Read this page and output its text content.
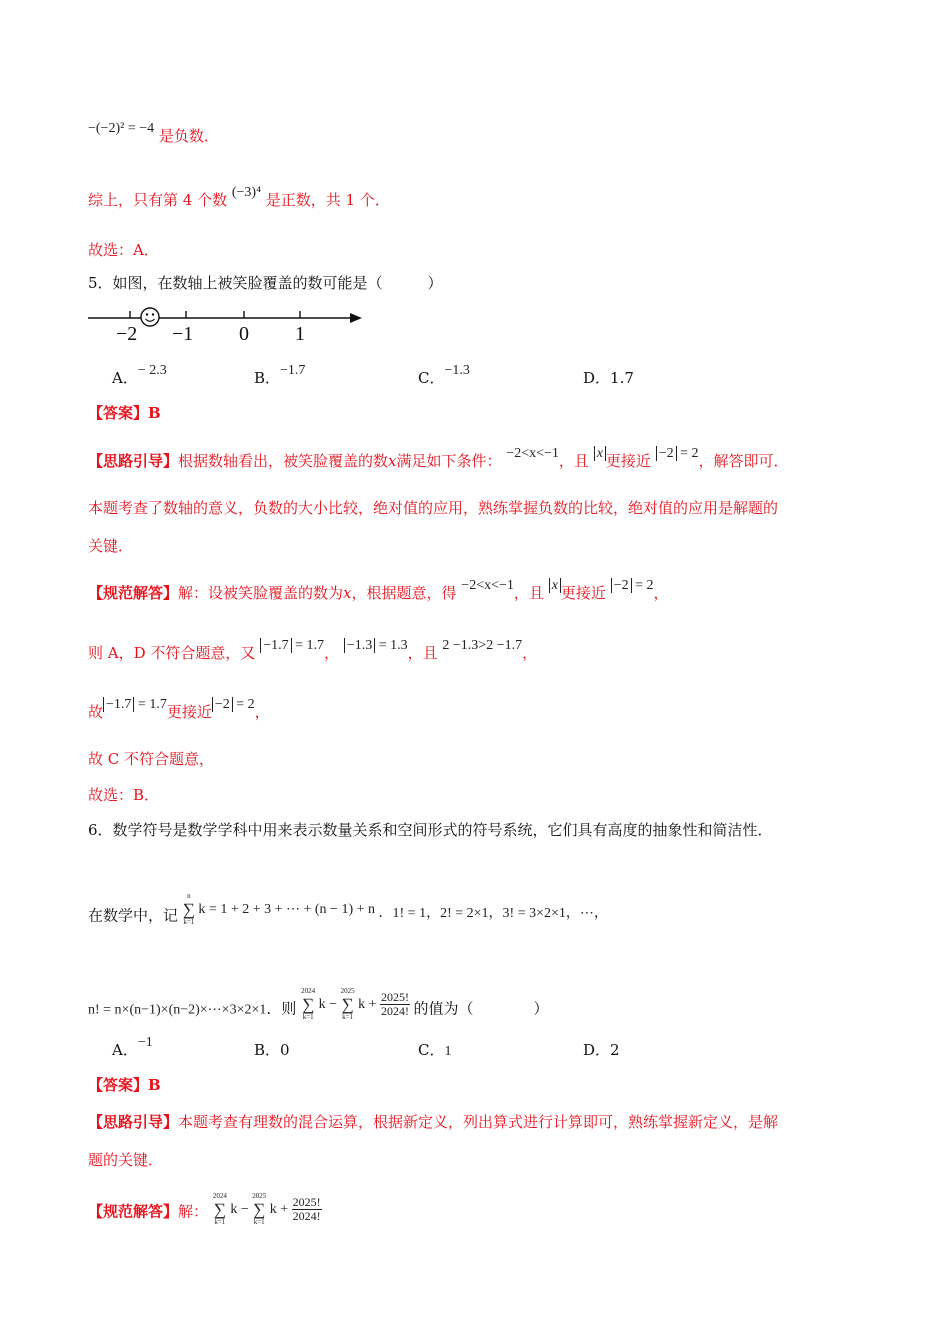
−(−2)² = −4 是负数．
综上，只有第 4 个数 (−3)⁴ 是正数，共 1 个．
故选：A．
5．如图，在数轴上被笑脸覆盖的数可能是（　　　）
−2 −1 0 1
A．− 2.3	B．−1.7	C．−1.3	D．1.7
【答案】B
【思路引导】根据数轴看出，被笑脸覆盖的数x满足如下条件： −2<x<−1，且 x 更接近 −2 = 2，解答即可．
本题考查了数轴的意义，负数的大小比较，绝对值的应用，熟练掌握负数的比较，绝对值的应用是解题的
关键．
【规范解答】解：设被笑脸覆盖的数为x，根据题意，得 −2<x<−1，且 x 更接近 −2 = 2，
则 A，D 不符合题意，又 −1.7 = 1.7， −1.3 = 1.3，且 2 −1.3>2 −1.7，
故 −1.7 = 1.7更接近 −2 = 2，
故 C 不符合题意，
故选：B．
6．数学符号是数学学科中用来表示数量关系和空间形式的符号系统，它们具有高度的抽象性和简洁性．
在数学中，记
n
∑
k=1
k = 1 + 2 + 3 + ⋯ + (n − 1) + n ．1! = 1，2! = 2×1，3! = 3×2×1，⋯，
n! = n×(n−1)×(n−2)×⋯×3×2×1．则
2024
∑
k=1
k −
2025
∑
k=1
$k + \frac{2025!}{2024!}$ 的值为（　　　　）
A．−1	B．0	C．1	D．2
【答案】B
【思路引导】本题考查有理数的混合运算，根据新定义，列出算式进行计算即可，熟练掌握新定义，是解
题的关键．
【规范解答】解：
2024
∑
k=1
k −
2025
∑
k=1
$k + \frac{2025!}{2024!}$
